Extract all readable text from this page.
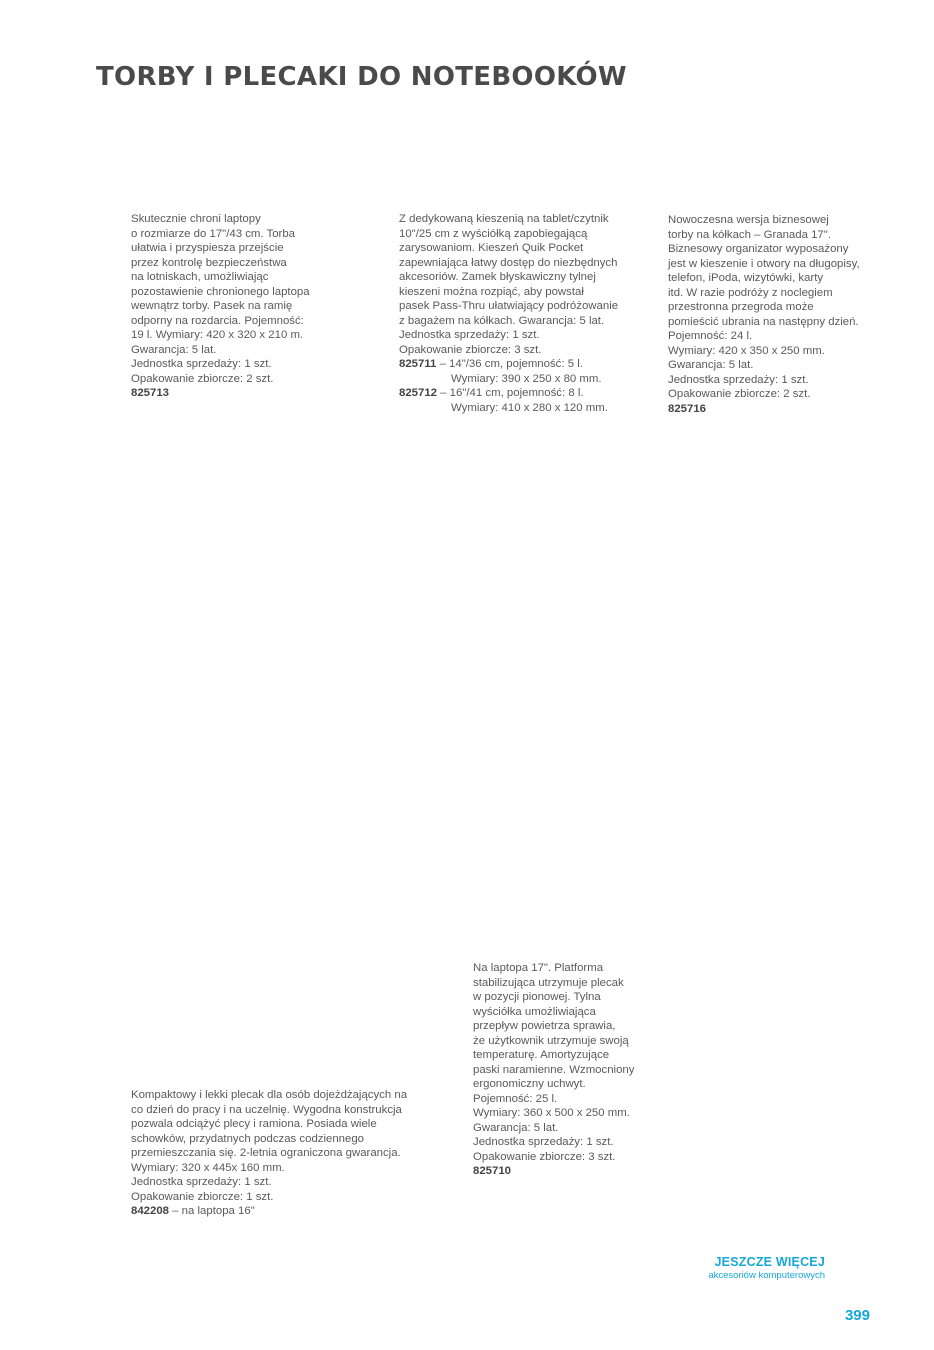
TORBY I PLECAKI DO NOTEBOOKÓW
Skutecznie chroni laptopy
o rozmiarze do 17"/43 cm. Torba
ułatwia i przyspiesza przejście
przez kontrolę bezpieczeństwa
na lotniskach, umożliwiając
pozostawienie chronionego laptopa
wewnątrz torby. Pasek na ramię
odporny na rozdarcia. Pojemność:
19 l. Wymiary: 420 x 320 x 210 m.
Gwarancja: 5 lat.
Jednostka sprzedaży: 1 szt.
Opakowanie zbiorcze: 2 szt.
825713
Z dedykowaną kieszenią na tablet/czytnik
10"/25 cm z wyściółką zapobiegającą
zarysowaniom. Kieszeń Quik Pocket
zapewniająca łatwy dostęp do niezbędnych
akcesoriów. Zamek błyskawiczny tylnej
kieszeni można rozpiąć, aby powstał
pasek Pass-Thru ułatwiający podróżowanie
z bagażem na kółkach. Gwarancja: 5 lat.
Jednostka sprzedaży: 1 szt.
Opakowanie zbiorcze: 3 szt.
825711 – 14"/36 cm, pojemność: 5 l.
Wymiary: 390 x 250 x 80 mm.
825712 – 16"/41 cm, pojemność: 8 l.
Wymiary: 410 x 280 x 120 mm.
Nowoczesna wersja biznesowej
torby na kółkach – Granada 17".
Biznesowy organizator wyposażony
jest w kieszenie i otwory na długopisy,
telefon, iPoda, wizytówki, karty
itd. W razie podróży z noclegiem
przestronna przegroda może
pomieścić ubrania na następny dzień.
Pojemność: 24 l.
Wymiary: 420 x 350 x 250 mm.
Gwarancja: 5 lat.
Jednostka sprzedaży: 1 szt.
Opakowanie zbiorcze: 2 szt.
825716
Na laptopa 17". Platforma
stabilizująca utrzymuje plecak
w pozycji pionowej. Tylna
wyściółka umożliwiająca
przepływ powietrza sprawia,
że użytkownik utrzymuje swoją
temperaturę. Amortyzujące
paski naramienne. Wzmocniony
ergonomiczny uchwyt.
Pojemność: 25 l.
Wymiary: 360 x 500 x 250 mm.
Gwarancja: 5 lat.
Jednostka sprzedaży: 1 szt.
Opakowanie zbiorcze: 3 szt.
825710
Kompaktowy i lekki plecak dla osób dojeżdżających na
co dzień do pracy i na uczelnię. Wygodna konstrukcja
pozwala odciążyć plecy i ramiona. Posiada wiele
schowków, przydatnych podczas codziennego
przemieszczania się. 2-letnia ograniczona gwarancja.
Wymiary: 320 x 445x 160 mm.
Jednostka sprzedaży: 1 szt.
Opakowanie zbiorcze: 1 szt.
842208 – na laptopa 16"
JESZCZE WIĘCEJ
akcesoriów komputerowych
399
